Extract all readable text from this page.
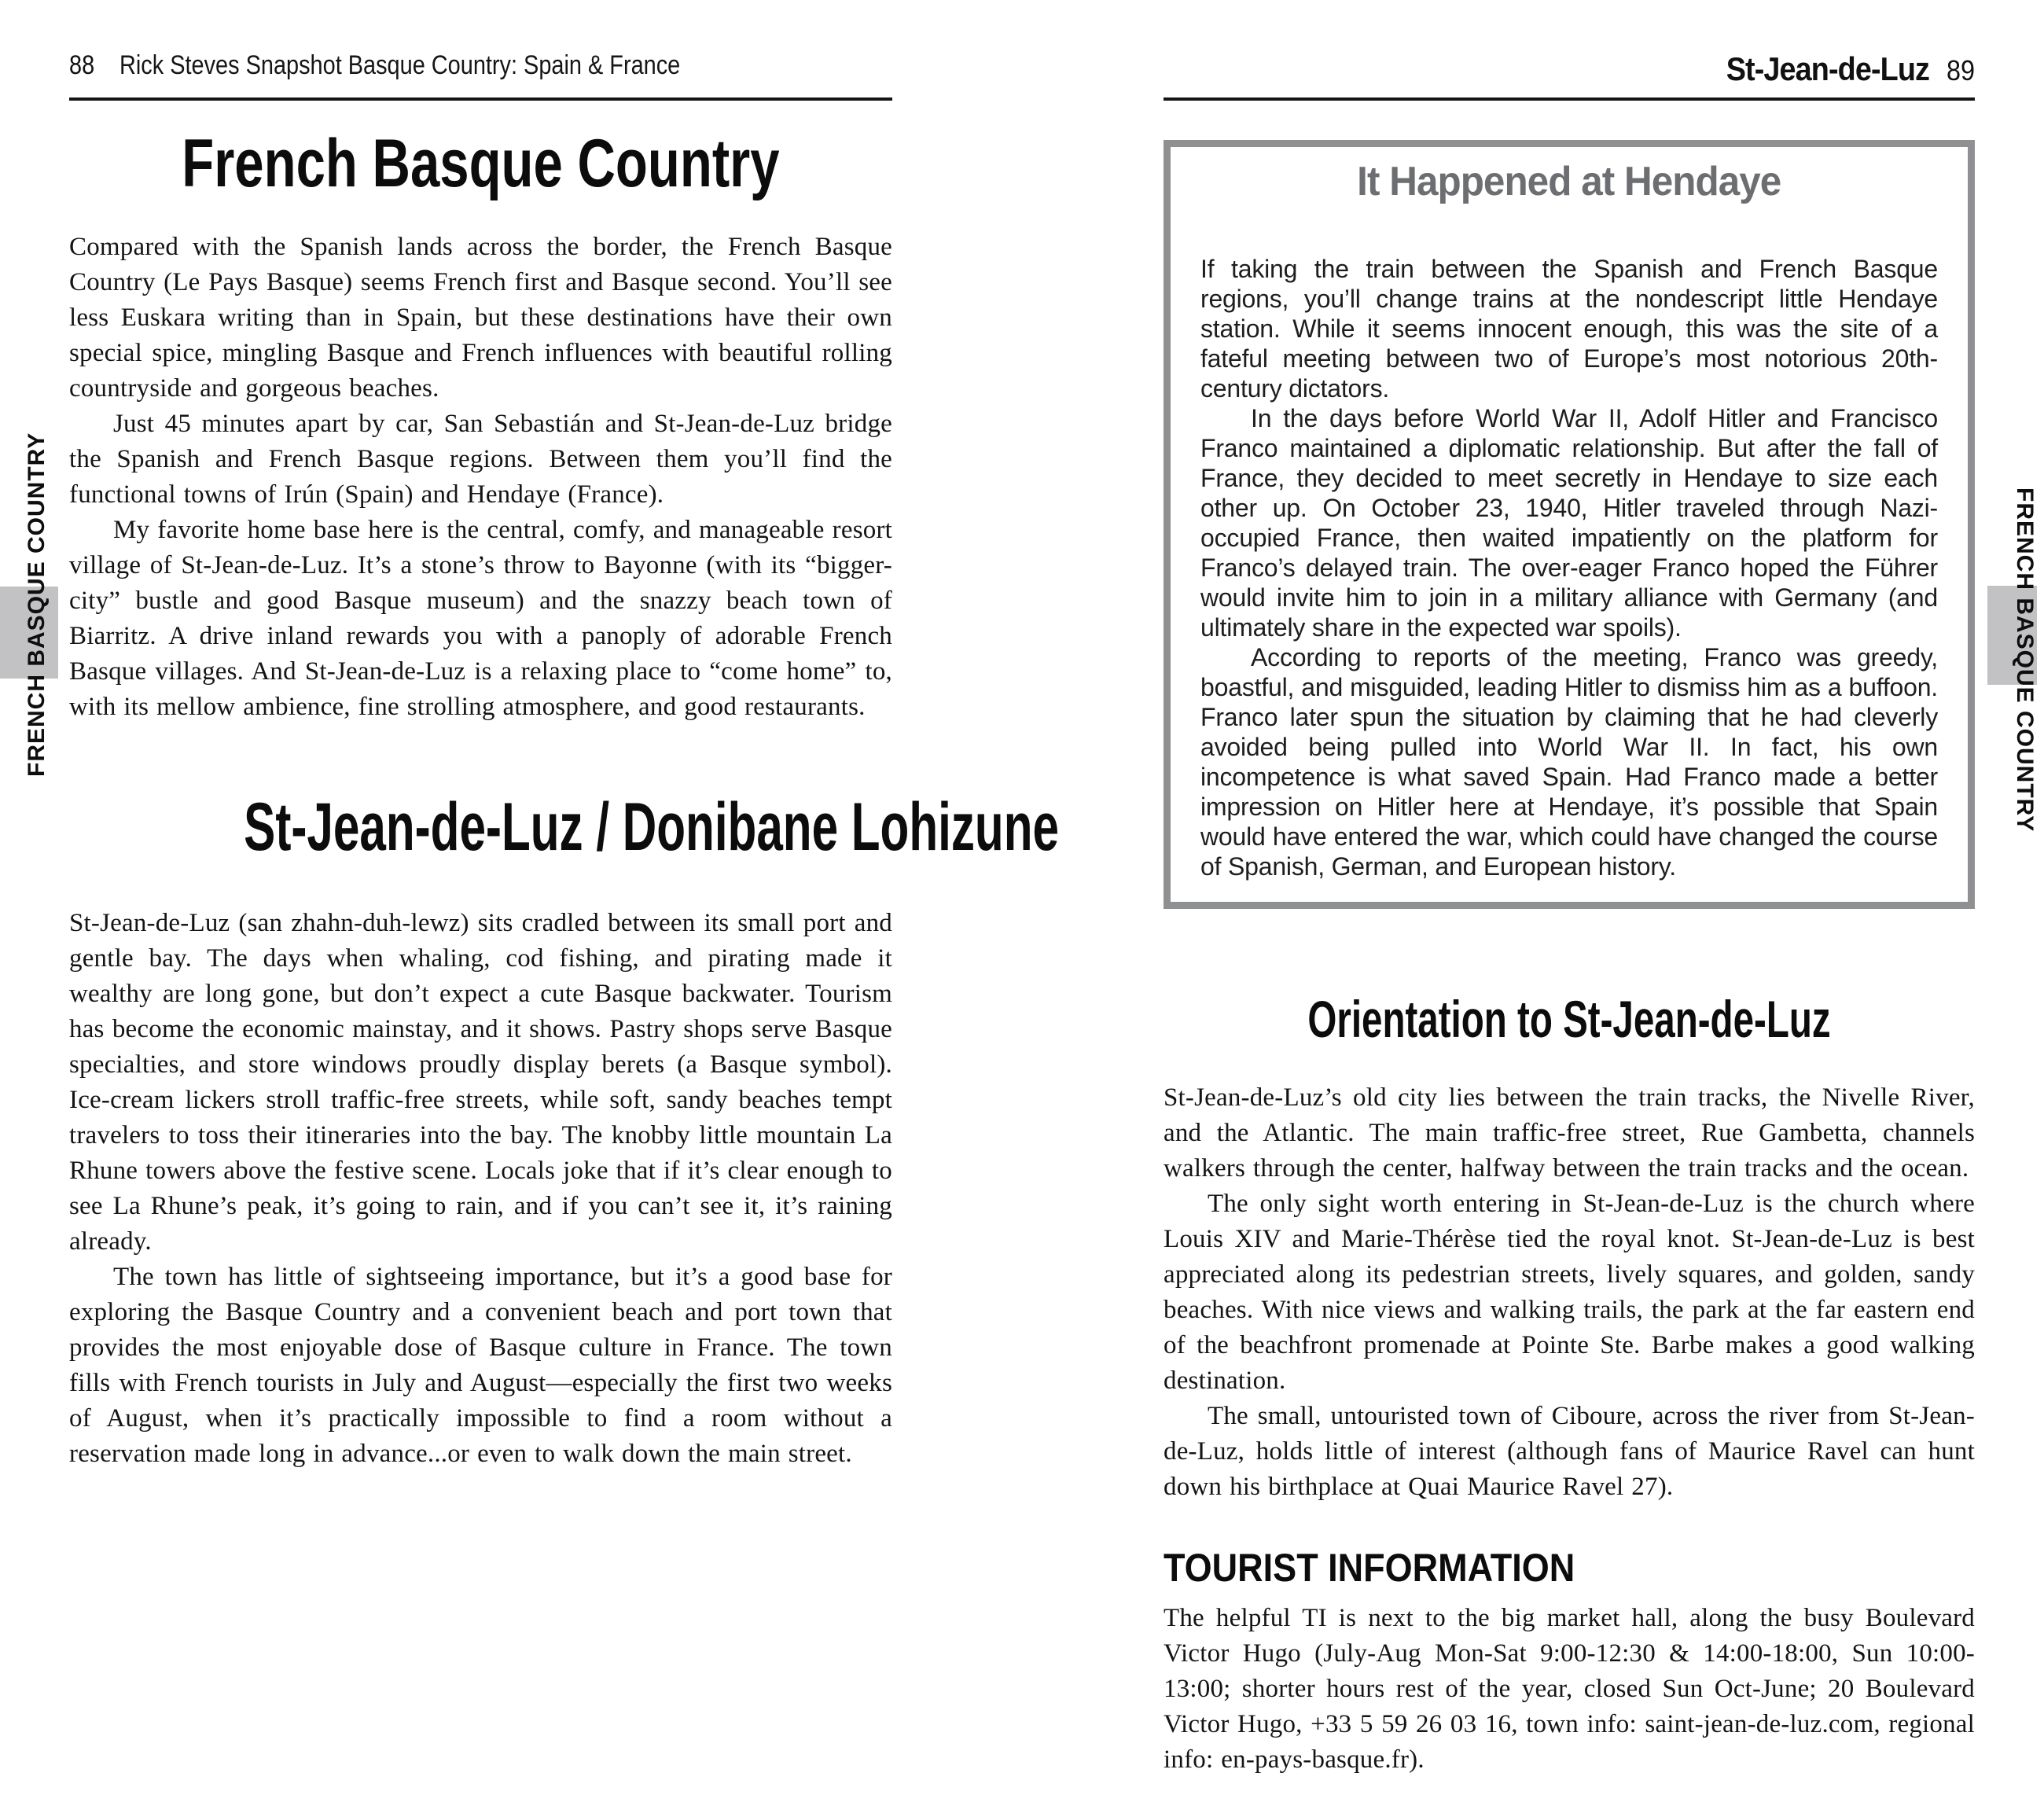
88 Rick Steves Snapshot Basque Country: Spain & France
French Basque Country

Compared with the Spanish lands across the border, the French Basque Country (Le Pays Basque) seems French first and Basque second. You’ll see less Euskara writing than in Spain, but these destinations have their own special spice, mingling Basque and French influences with beautiful rolling countryside and gorgeous beaches.

Just 45 minutes apart by car, San Sebastián and St-Jean-de-Luz bridge the Spanish and French Basque regions. Between them you’ll find the functional towns of Irún (Spain) and Hendaye (France).

My favorite home base here is the central, comfy, and manageable resort village of St-Jean-de-Luz. It’s a stone’s throw to Bayonne (with its “bigger-city” bustle and good Basque museum) and the snazzy beach town of Biarritz. A drive inland rewards you with a panoply of adorable French Basque villages. And St-Jean-de-Luz is a relaxing place to “come home” to, with its mellow ambience, fine strolling atmosphere, and good restaurants.

St-Jean-de-Luz / Donibane Lohizune

St-Jean-de-Luz (san zhahn-duh-lewz) sits cradled between its small port and gentle bay. The days when whaling, cod fishing, and pirating made it wealthy are long gone, but don’t expect a cute Basque backwater. Tourism has become the economic mainstay, and it shows. Pastry shops serve Basque specialties, and store windows proudly display berets (a Basque symbol). Ice-cream lickers stroll traffic-free streets, while soft, sandy beaches tempt travelers to toss their itineraries into the bay. The knobby little mountain La Rhune towers above the festive scene. Locals joke that if it’s clear enough to see La Rhune’s peak, it’s going to rain, and if you can’t see it, it’s raining already.

The town has little of sightseeing importance, but it’s a good base for exploring the Basque Country and a convenient beach and port town that provides the most enjoyable dose of Basque culture in France. The town fills with French tourists in July and August—especially the first two weeks of August, when it’s practically impossible to find a room without a reservation made long in advance...or even to walk down the main street.

St-Jean-de-Luz 89
It Happened at Hendaye

If taking the train between the Spanish and French Basque regions, you’ll change trains at the nondescript little Hendaye station. While it seems innocent enough, this was the site of a fateful meeting between two of Europe’s most notorious 20th-century dictators.

In the days before World War II, Adolf Hitler and Francisco Franco maintained a diplomatic relationship. But after the fall of France, they decided to meet secretly in Hendaye to size each other up. On October 23, 1940, Hitler traveled through Nazi-occupied France, then waited impatiently on the platform for Franco’s delayed train. The over-eager Franco hoped the Führer would invite him to join in a military alliance with Germany (and ultimately share in the expected war spoils).

According to reports of the meeting, Franco was greedy, boastful, and misguided, leading Hitler to dismiss him as a buffoon. Franco later spun the situation by claiming that he had cleverly avoided being pulled into World War II. In fact, his own incompetence is what saved Spain. Had Franco made a better impression on Hitler here at Hendaye, it’s possible that Spain would have entered the war, which could have changed the course of Spanish, German, and European history.

Orientation to St-Jean-de-Luz

St-Jean-de-Luz’s old city lies between the train tracks, the Nivelle River, and the Atlantic. The main traffic-free street, Rue Gambetta, channels walkers through the center, halfway between the train tracks and the ocean.

The only sight worth entering in St-Jean-de-Luz is the church where Louis XIV and Marie-Thérèse tied the royal knot. St-Jean-de-Luz is best appreciated along its pedestrian streets, lively squares, and golden, sandy beaches. With nice views and walking trails, the park at the far eastern end of the beachfront promenade at Pointe Ste. Barbe makes a good walking destination.

The small, untouristed town of Ciboure, across the river from St-Jean-de-Luz, holds little of interest (although fans of Maurice Ravel can hunt down his birthplace at Quai Maurice Ravel 27).

TOURIST INFORMATION

The helpful TI is next to the big market hall, along the busy Boulevard Victor Hugo (July-Aug Mon-Sat 9:00-12:30 & 14:00-18:00, Sun 10:00-13:00; shorter hours rest of the year, closed Sun Oct-June; 20 Boulevard Victor Hugo, +33 5 59 26 03 16, town info: saint-jean-de-luz.com, regional info: en-pays-basque.fr).

FRENCH BASQUE COUNTRY	FRENCH BASQUE COUNTRY
